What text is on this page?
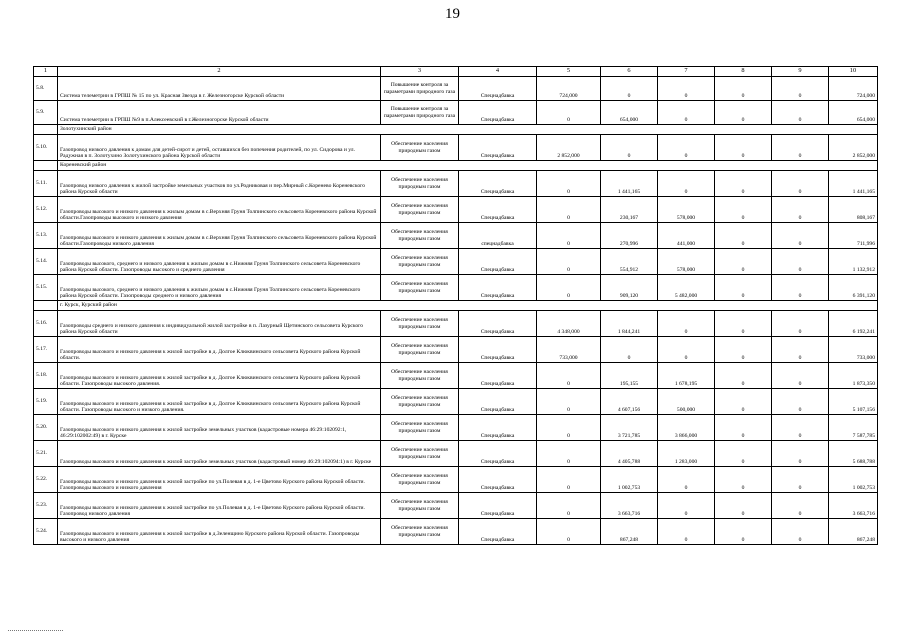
19
1	2	3	4	5	6	7	8	9	10
5.8.	Система телеметрии в ГРПШ № 15 по ул. Красная Звезда в г. Железногорске Курской области	Повышение контроля за параметрами природного газа	Спецнадбавка	724,000	0	0	0	0	724,000
5.9.	Система телеметрии в ГРПШ №9 в п.Алексеевский в г.Железногорске Курской области	Повышение контроля за параметрами природного газа	Спецнадбавка	0	654,000	0	0	0	654,000
	Золотухинский район								
5.10.	Газопровод низкого давления к домам для детей-сирот и детей, оставшихся без попечения родителей, по ул. Сидорова и ул. Радужная в п. Золотухино Золотухинского района Курской области	Обеспечение населения природным газом	Спецнадбавка	2 852,000	0	0	0	0	2 852,000
	Кореневский район								
5.11.	Газопровод низкого давления к жилой застройке земельных участков по ул.Родниковая и пер.Мирный с.Коренево Кореневского района Курской области	Обеспечение населения природным газом	Спецнадбавка	0	1 441,165	0	0	0	1 441,165
5.12.	Газопроводы высокого и низкого давления к жилым домам в с.Верхняя Груня Толпинского сельсовета Кореневского района Курской области.Газопроводы высокого и низкого давления	Обеспечение населения природным газом	Спецнадбавка	0	230,167	578,000	0	0	808,167
5.13.	Газопроводы высокого и низкого давления к жилым домам в с.Верхняя Груня Толпинского сельсовета Кореневского района Курской области.Газопроводы низкого давления	Обеспечение населения природным газом	спецнадбавка	0	270,996	441,000	0	0	711,996
5.14.	Газопроводы высокого, среднего и низкого давления к жилым домам в с.Нижняя Груня Толпинского сельсовета Кореневского района Курской области. Газопроводы высокого и среднего давления	Обеспечение населения природным газом	Спецнадбавка	0	554,912	578,000	0	0	1 132,912
5.15.	Газопроводы высокого, среднего и низкого давления к жилым домам в с.Нижняя Груня Толпинского сельсовета Кореневского района Курской области. Газопроводы среднего и низкого давления	Обеспечение населения природным газом	Спецнадбавка	0	909,120	5 482,000	0	0	6 391,120
	г. Курск, Курский район								
5.16.	Газопроводы среднего и низкого давления к индивидуальной жилой застройке в п. Лазурный Щетинского сельсовета Курского района Курской области	Обеспечение населения природным газом	Спецнадбавка	4 348,000	1 844,241	0	0	0	6 192,241
5.17.	Газопроводы высокого и низкого давления к жилой застройке в д. Долгое Клюквинского сельсовета Курского района Курской области.	Обеспечение населения природным газом	Спецнадбавка	733,000	0	0	0	0	733,000
5.18.	Газопроводы высокого и низкого давления к жилой застройке в д. Долгое Клюквинского сельсовета Курского района Курской области. Газопроводы высокого давления.	Обеспечение населения природным газом	Спецнадбавка	0	195,155	1 678,195	0	0	1 873,350
5.19.	Газопроводы высокого и низкого давления к жилой застройке в д. Долгое Клюквинского сельсовета Курского района Курской области. Газопроводы высокого и низкого давления.	Обеспечение населения природным газом	Спецнадбавка	0	4 607,156	500,000	0	0	5 107,156
5.20.	Газопроводы высокого и низкого давления к жилой застройке земельных участков (кадастровые номера 46:29:102092:1, 46:29:102002:49) в г. Курске	Обеспечение населения природным газом	Спецнадбавка	0	3 721,785	3 866,000	0	0	7 587,785
5.21.	Газопроводы высокого и низкого давления к жилой застройке земельных участков (кадастровый номер 46:29:102094:1) в г. Курске	Обеспечение населения природным газом	Спецнадбавка	0	4 405,788	1 283,000	0	0	5 688,788
5.22.	Газопроводы высокого и низкого давления к жилой застройке по ул.Полевая в д. 1-е Цветово Курского района Курской области. Газопроводы высокого и низкого давления	Обеспечение населения природным газом	Спецнадбавка	0	1 002,753	0	0	0	1 002,753
5.23.	Газопроводы высокого и низкого давления к жилой застройке по ул.Полевая в д. 1-е Цветово Курского района Курской области. Газопровод низкого давления	Обеспечение населения природным газом	Спецнадбавка	0	3 663,716	0	0	0	3 663,716
5.24.	Газопроводы высокого и низкого давления к жилой застройке в д.Зеленщино Курского района Курской области. Газопроводы высокого и низкого давления	Обеспечение населения природным газом	Спецнадбавка	0	867,248	0	0	0	867,248
